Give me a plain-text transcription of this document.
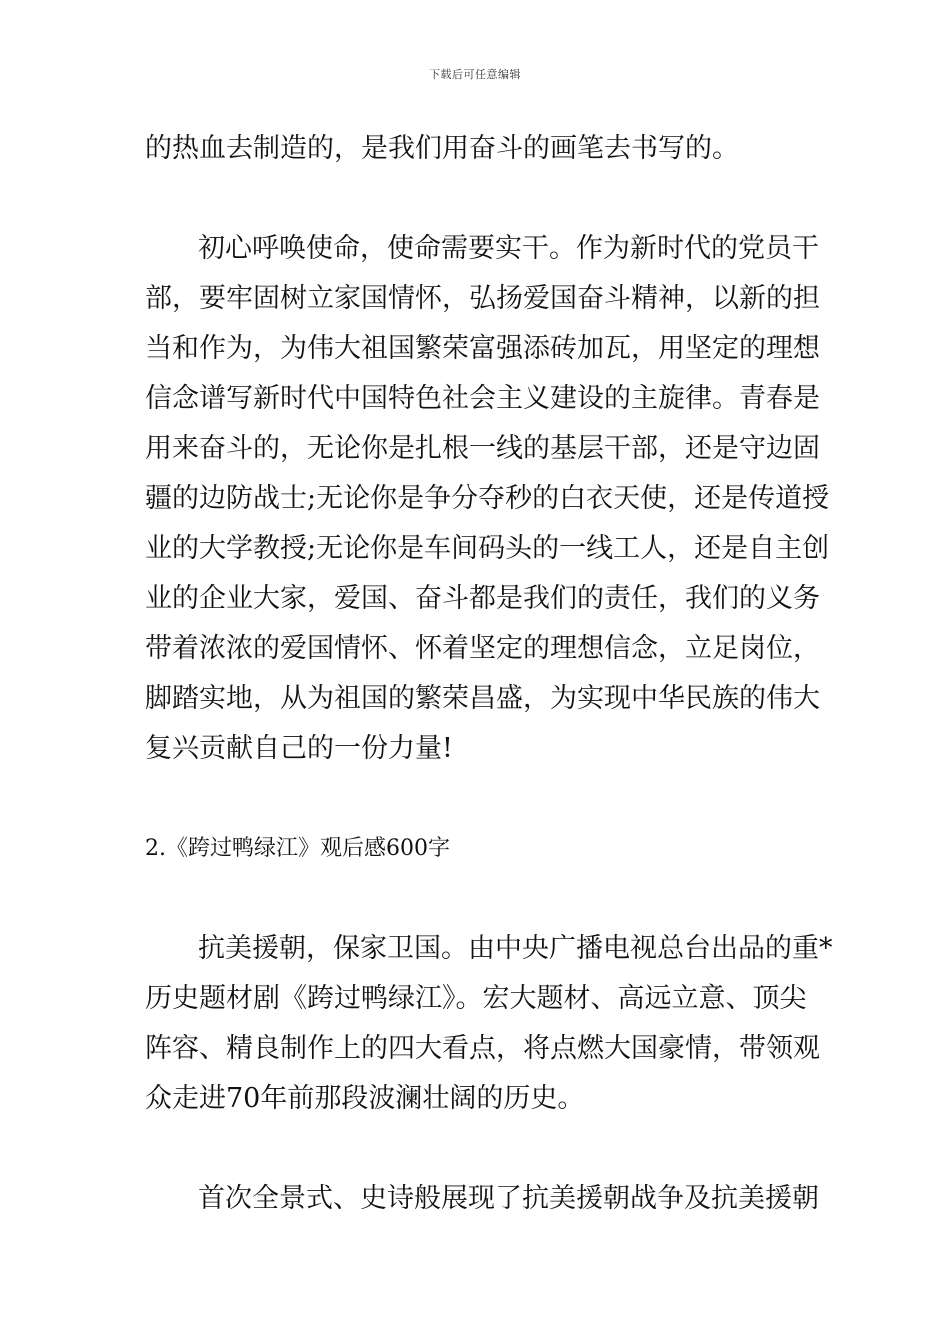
下载后可任意编辑
的热血去制造的，是我们用奋斗的画笔去书写的。
初心呼唤使命，使命需要实干。作为新时代的党员干
部，要牢固树立家国情怀，弘扬爱国奋斗精神，以新的担
当和作为，为伟大祖国繁荣富强添砖加瓦，用坚定的理想
信念谱写新时代中国特色社会主义建设的主旋律。青春是
用来奋斗的，无论你是扎根一线的基层干部，还是守边固
疆的边防战士;无论你是争分夺秒的白衣天使，还是传道授
业的大学教授;无论你是车间码头的一线工人，还是自主创
业的企业大家，爱国、奋斗都是我们的责任，我们的义务
带着浓浓的爱国情怀、怀着坚定的理想信念，立足岗位，
脚踏实地，从为祖国的繁荣昌盛，为实现中华民族的伟大
复兴贡献自己的一份力量!
2.《跨过鸭绿江》观后感600字
抗美援朝，保家卫国。由中央广播电视总台出品的重*
历史题材剧《跨过鸭绿江》。宏大题材、高远立意、顶尖
阵容、精良制作上的四大看点，将点燃大国豪情，带领观
众走进70年前那段波澜壮阔的历史。
首次全景式、史诗般展现了抗美援朝战争及抗美援朝
